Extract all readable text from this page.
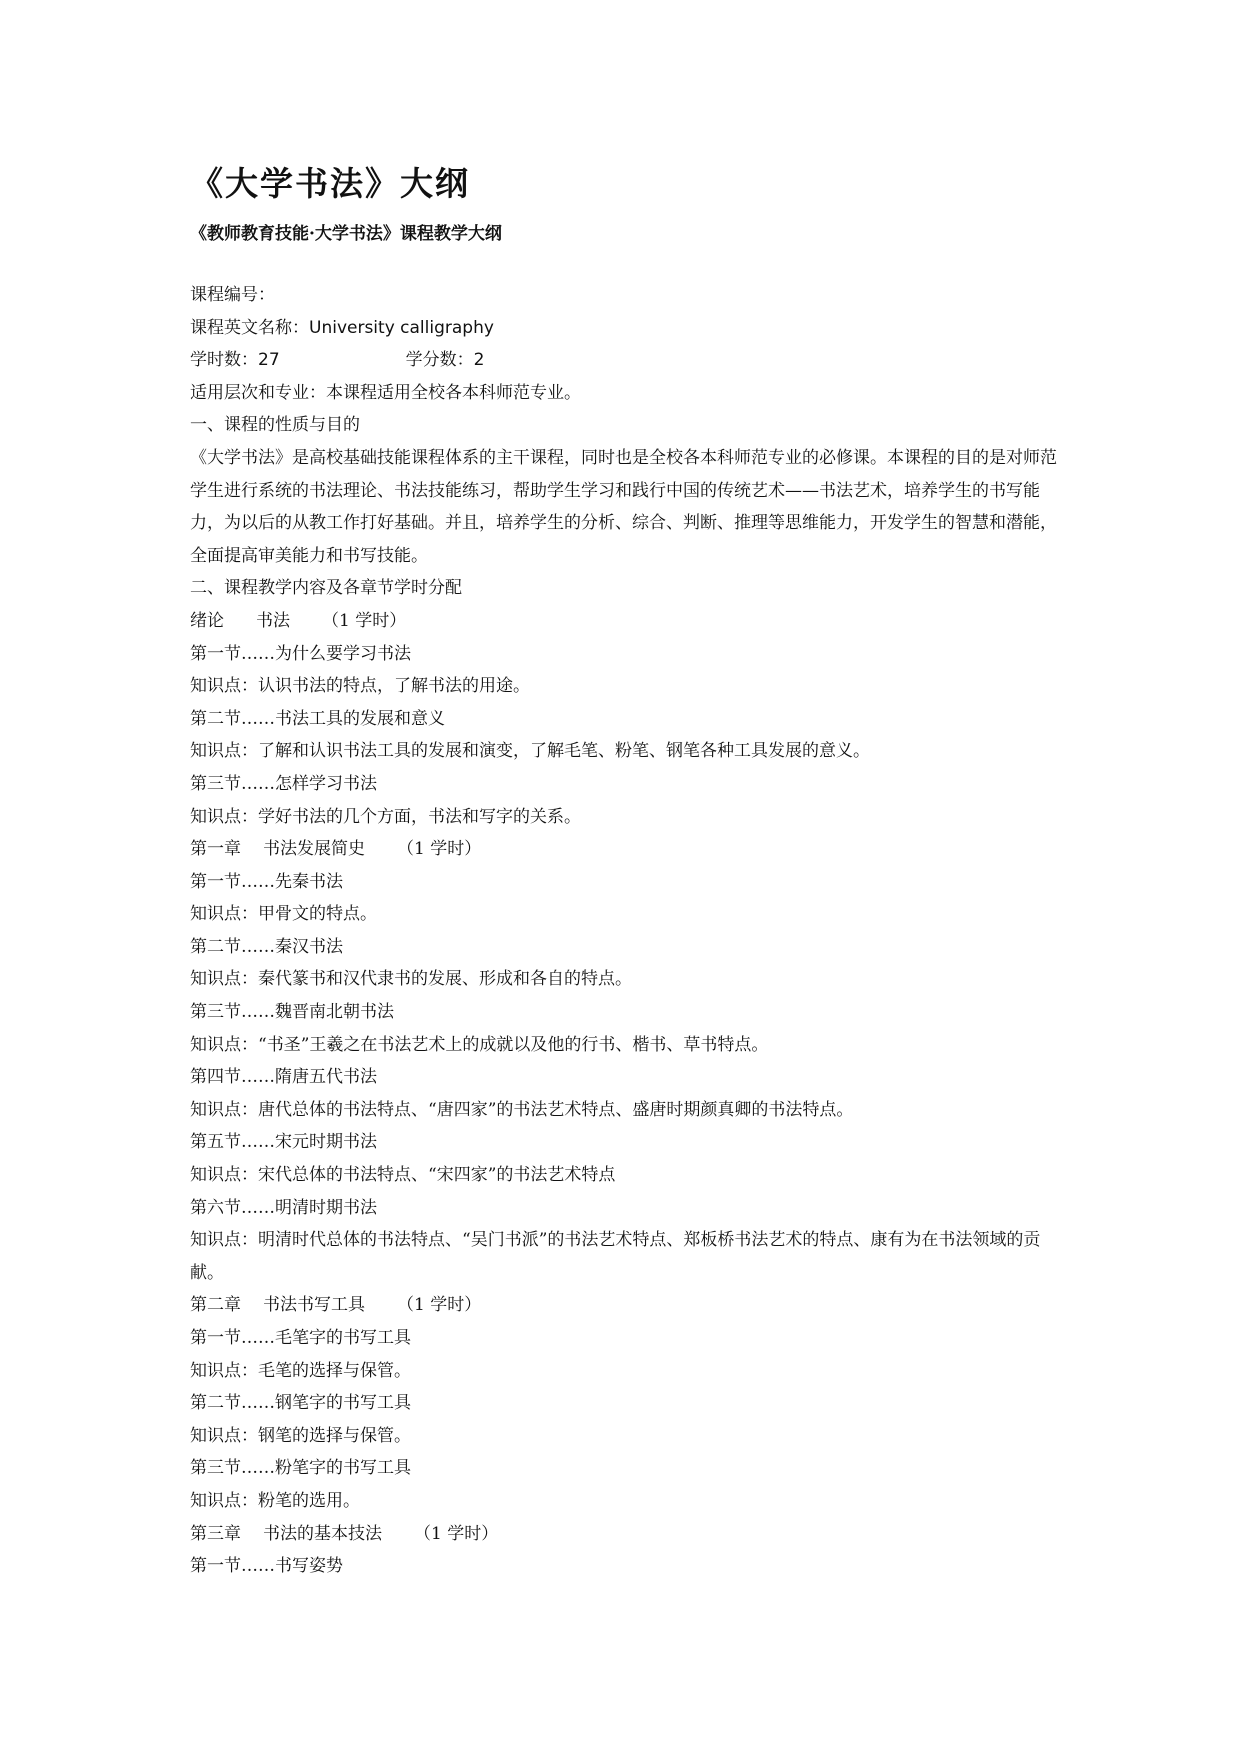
《大学书法》大纲
《教师教育技能·大学书法》课程教学大纲
课程编号：
课程英文名称：University calligraphy
学时数：27	学分数：2
适用层次和专业：本课程适用全校各本科师范专业。
一、课程的性质与目的
《大学书法》是高校基础技能课程体系的主干课程，同时也是全校各本科师范专业的必修课。本课程的目的是对师范学生进行系统的书法理论、书法技能练习，帮助学生学习和践行中国的传统艺术——书法艺术，培养学生的书写能力，为以后的从教工作打好基础。并且，培养学生的分析、综合、判断、推理等思维能力，开发学生的智慧和潜能，全面提高审美能力和书写技能。
二、课程教学内容及各章节学时分配
绪论 书法 （1 学时）
第一节……为什么要学习书法
知识点：认识书法的特点，了解书法的用途。
第二节……书法工具的发展和意义
知识点：了解和认识书法工具的发展和演变，了解毛笔、粉笔、钢笔各种工具发展的意义。
第三节……怎样学习书法
知识点：学好书法的几个方面，书法和写字的关系。
第一章 书法发展简史 （1 学时）
第一节……先秦书法
知识点：甲骨文的特点。
第二节……秦汉书法
知识点：秦代篆书和汉代隶书的发展、形成和各自的特点。
第三节……魏晋南北朝书法
知识点：“书圣”王羲之在书法艺术上的成就以及他的行书、楷书、草书特点。
第四节……隋唐五代书法
知识点：唐代总体的书法特点、“唐四家”的书法艺术特点、盛唐时期颜真卿的书法特点。
第五节……宋元时期书法
知识点：宋代总体的书法特点、“宋四家”的书法艺术特点
第六节……明清时期书法
知识点：明清时代总体的书法特点、“吴门书派”的书法艺术特点、郑板桥书法艺术的特点、康有为在书法领域的贡献。
第二章 书法书写工具 （1 学时）
第一节……毛笔字的书写工具
知识点：毛笔的选择与保管。
第二节……钢笔字的书写工具
知识点：钢笔的选择与保管。
第三节……粉笔字的书写工具
知识点：粉笔的选用。
第三章 书法的基本技法 （1 学时）
第一节……书写姿势
